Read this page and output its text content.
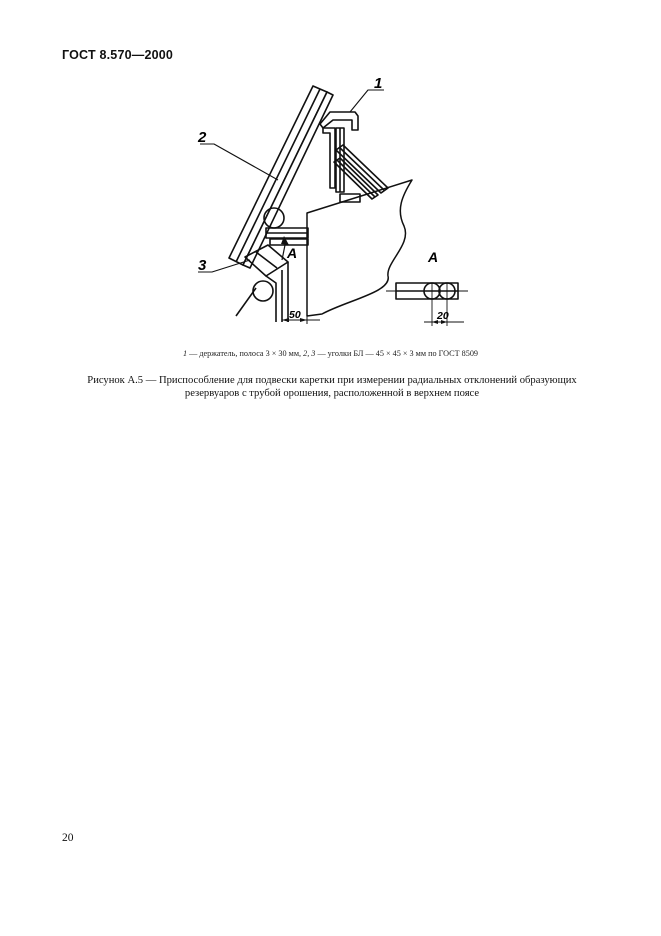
ГОСТ 8.570—2000
1
2
3
A	A
50	20
1 — держатель, полоса 3 × 30 мм, 2, 3 — уголки БЛ — 45 × 45 × 3 мм по ГОСТ 8509
Рисунок А.5 — Приспособление для подвески каретки при измерении радиальных отклонений образующих резервуаров с трубой орошения, расположенной в верхнем поясе
20
